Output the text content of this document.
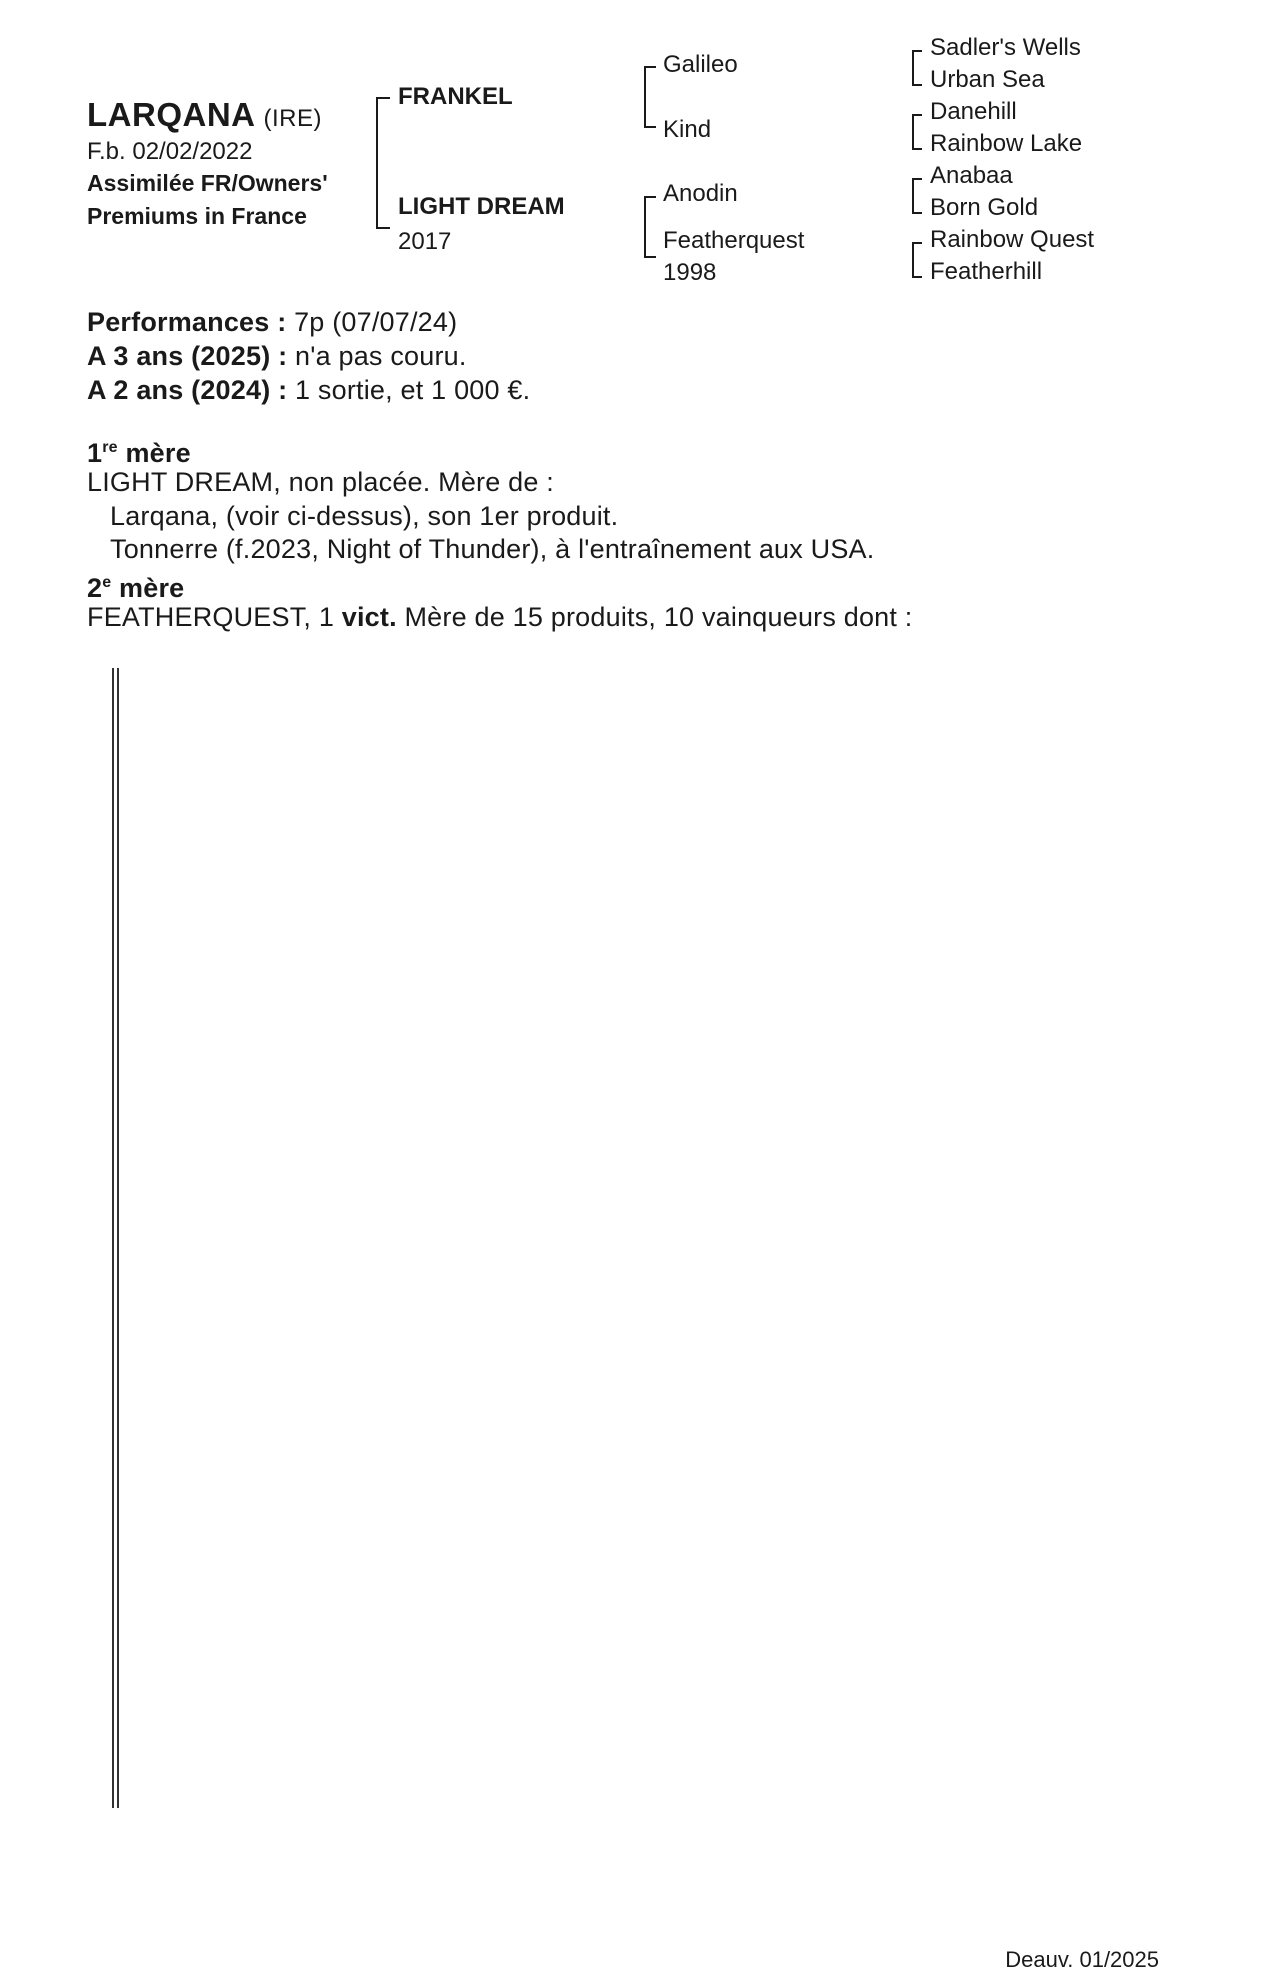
LARQANA (IRE)
F.b. 02/02/2022
Assimilée FR/Owners'
Premiums in France
FRANKEL
LIGHT DREAM
2017
Galileo
Kind
Anodin
Featherquest
1998
Sadler's Wells
Urban Sea
Danehill
Rainbow Lake
Anabaa
Born Gold
Rainbow Quest
Featherhill
Performances : 7p (07/07/24)
A 3 ans (2025) : n'a pas couru.
A 2 ans (2024) : 1 sortie, et 1 000 €.
1re mère
LIGHT DREAM, non placée. Mère de :
Larqana, (voir ci-dessus), son 1er produit.
Tonnerre (f.2023, Night of Thunder), à l'entraînement aux USA.
2e mère
FEATHERQUEST, 1 vict. Mère de 15 produits, 10 vainqueurs dont :
Deauv. 01/2025
